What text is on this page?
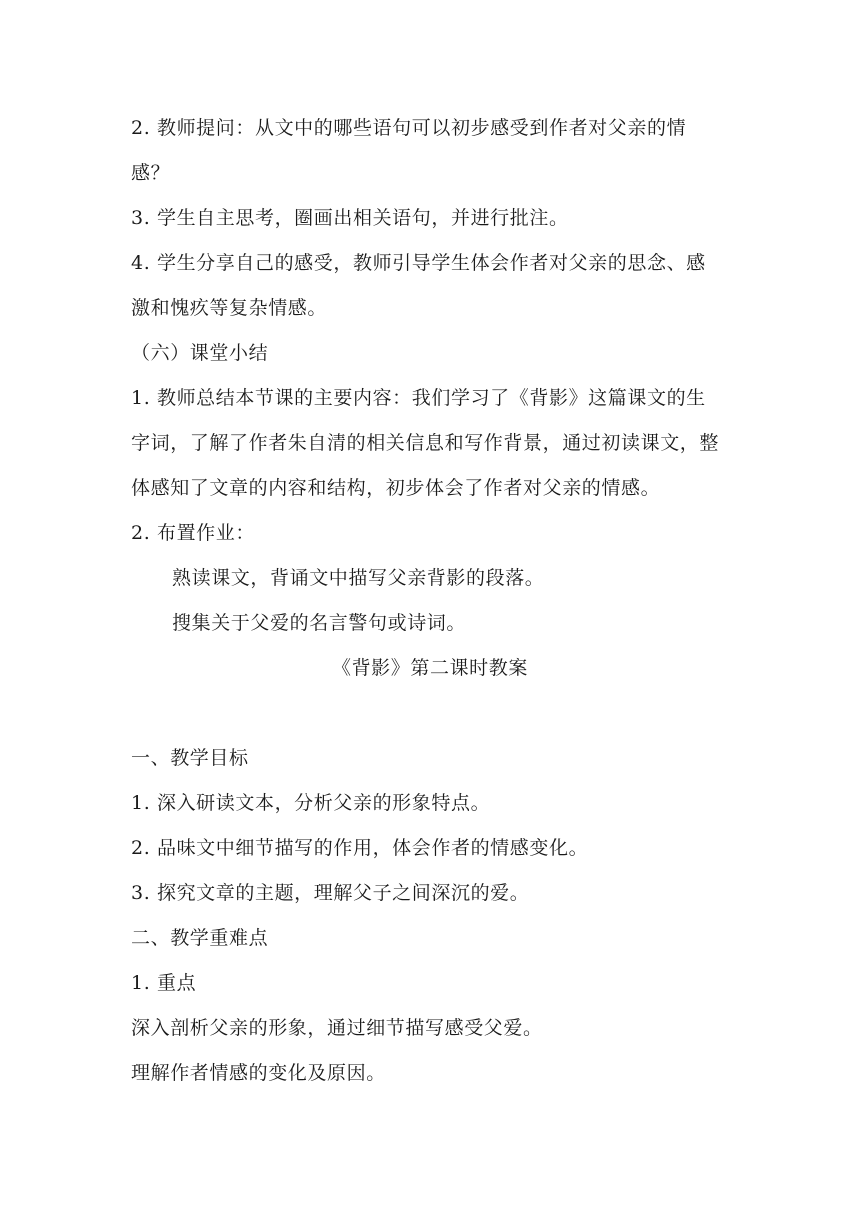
2. 教师提问：从文中的哪些语句可以初步感受到作者对父亲的情
感？
3. 学生自主思考，圈画出相关语句，并进行批注。
4. 学生分享自己的感受，教师引导学生体会作者对父亲的思念、感
激和愧疚等复杂情感。
（六）课堂小结
1. 教师总结本节课的主要内容：我们学习了《背影》这篇课文的生
字词，了解了作者朱自清的相关信息和写作背景，通过初读课文，整
体感知了文章的内容和结构，初步体会了作者对父亲的情感。
2. 布置作业：
熟读课文，背诵文中描写父亲背影的段落。
搜集关于父爱的名言警句或诗词。
《背影》第二课时教案
一、教学目标
1. 深入研读文本，分析父亲的形象特点。
2. 品味文中细节描写的作用，体会作者的情感变化。
3. 探究文章的主题，理解父子之间深沉的爱。
二、教学重难点
1. 重点
深入剖析父亲的形象，通过细节描写感受父爱。
理解作者情感的变化及原因。
